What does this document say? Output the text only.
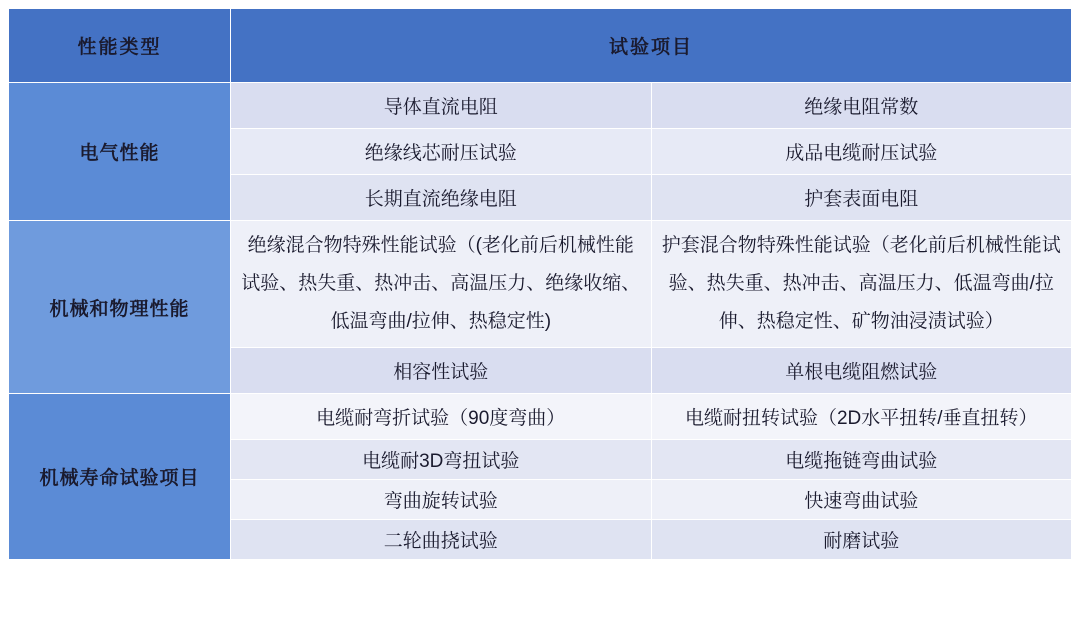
性能类型	试验项目	
电气性能	导体直流电阻	绝缘电阻常数
	绝缘线芯耐压试验	成品电缆耐压试验
	长期直流绝缘电阻	护套表面电阻
机械和物理性能	绝缘混合物特殊性能试验（(老化前后机械性能试验、热失重、热冲击、高温压力、绝缘收缩、低温弯曲/拉伸、热稳定性)	护套混合物特殊性能试验（老化前后机械性能试验、热失重、热冲击、高温压力、低温弯曲/拉伸、热稳定性、矿物油浸渍试验）
	相容性试验	单根电缆阻燃试验
机械寿命试验项目	电缆耐弯折试验（90度弯曲）	电缆耐扭转试验（2D水平扭转/垂直扭转）
	电缆耐3D弯扭试验	电缆拖链弯曲试验
	弯曲旋转试验	快速弯曲试验
	二轮曲挠试验	耐磨试验
